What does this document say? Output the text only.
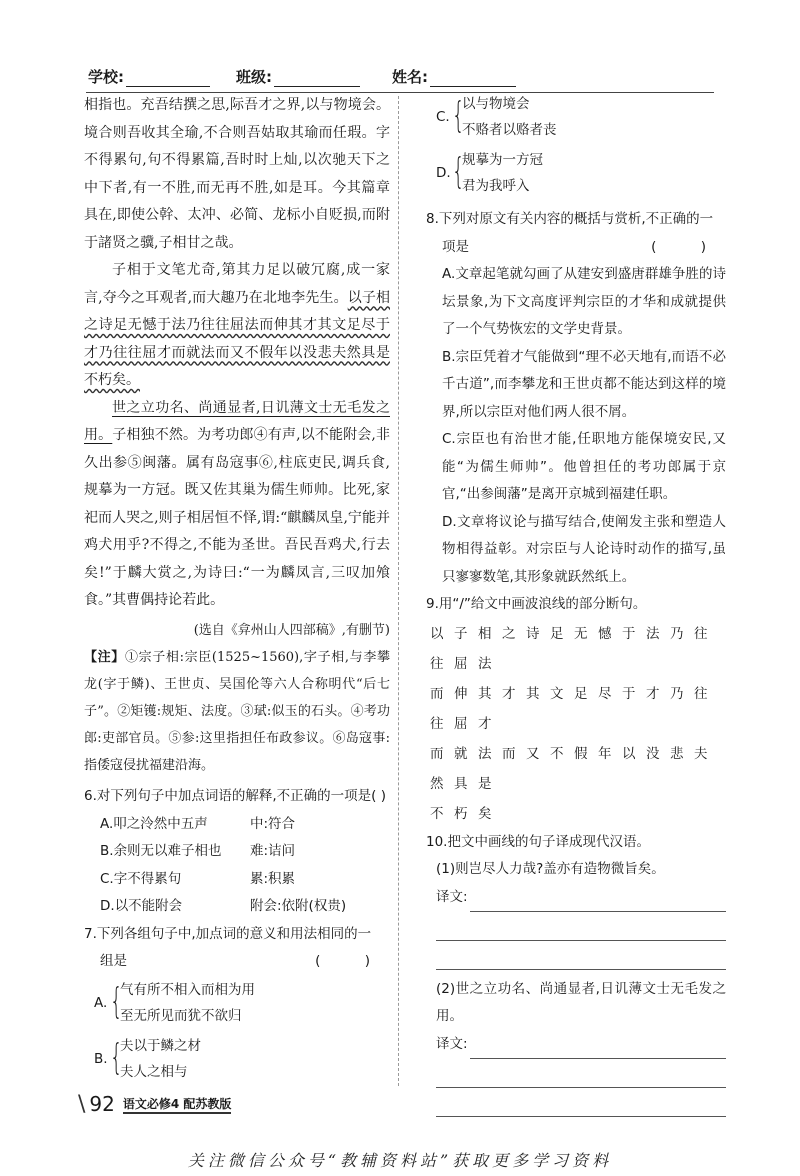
学校:	班级:	姓名:

相指也。充吾结撰之思,际吾才之界,以与物境会。境合则吾收其全瑜,不合则吾姑取其瑜而任瑕。字不得累句,句不得累篇,吾时时上灿,以次驰天下之中下者,有一不胜,而无再不胜,如是耳。今其篇章具在,即使公幹、太冲、必简、龙标小自贬损,而附于諸贤之骥,子相甘之哉。

子相于文笔尤奇,第其力足以破冗腐,成一家言,夺今之耳观者,而大趣乃在北地李先生。以子相之诗足无憾于法乃往往屈法而伸其才其文足尽于才乃往往屈才而就法而又不假年以没悲夫然具是不朽矣。

世之立功名、尚通显者,日讥薄文士无毛发之用。子相独不然。为考功郎④有声,以不能附会,非久出参⑤闽藩。属有岛寇事⑥,柱底吏民,调兵食,规摹为一方冠。既又佐其巢为儒生师帅。比死,家祀而人哭之,则子相居恒不怿,谓:“麒麟凤皇,宁能并鸡犬用乎?不得之,不能为圣世。吾民吾鸡犬,行去矣!”于麟大赏之,为诗曰:“一为麟凤言,三叹加飧食。”其曹偶持论若此。

(选自《弇州山人四部稿》,有删节)
【注】①宗子相:宗臣(1525~1560),字子相,与李攀龙(字于鳞)、王世贞、吴国伦等六人合称明代“后七子”。②矩镬:规矩、法度。③珷:似玉的石头。④考功郎:吏部官员。⑤参:这里指担任布政参议。⑥岛寇事:指倭寇侵扰福建沿海。
6.对下列句子中加点词语的解释,不正确的一项是( )
A.叩之泠然中五声	中:符合
B.余则无以难子相也	难:诘问
C.字不得累句	累:积累
D.以不能附会	附会:依附(权贵)
7.下列各组句子中,加点词的意义和用法相同的一
组是	( )
A. {
气有所不相入而相为用
至无所见而犹不欲归
B. {
夫以于鳞之材
夫人之相与
C. {
以与物境会
不赂者以赂者丧
D. {
规摹为一方冠
君为我呼入
8.下列对原文有关内容的概括与赏析,不正确的一
项是	( )
A.文章起笔就勾画了从建安到盛唐群雄争胜的诗坛景象,为下文高度评判宗臣的才华和成就提供了一个气势恢宏的文学史背景。
B.宗臣凭着才气能做到“理不必天地有,而语不必千古道”,而李攀龙和王世贞都不能达到这样的境界,所以宗臣对他们两人很不屑。
C.宗臣也有治世才能,任职地方能保境安民,又能“为儒生师帅”。他曾担任的考功郎属于京官,“出参闽藩”是离开京城到福建任职。
D.文章将议论与描写结合,使阐发主张和塑造人物相得益彰。对宗臣与人论诗时动作的描写,虽只寥寥数笔,其形象就跃然纸上。
9.用“/”给文中画波浪线的部分断句。
以子相之诗足无憾于法乃往往屈法
而伸其才其文足尽于才乃往往屈才
而就法而又不假年以没悲夫然具是
不朽矣
10.把文中画线的句子译成现代汉语。
(1)则岂尽人力哉?盖亦有造物微旨矣。
译文:
(2)世之立功名、尚通显者,日讥薄文士无毛发之用。
译文:
\ 92 语文必修4 配苏教版
关注微信公众号“教辅资料站”获取更多学习资料
